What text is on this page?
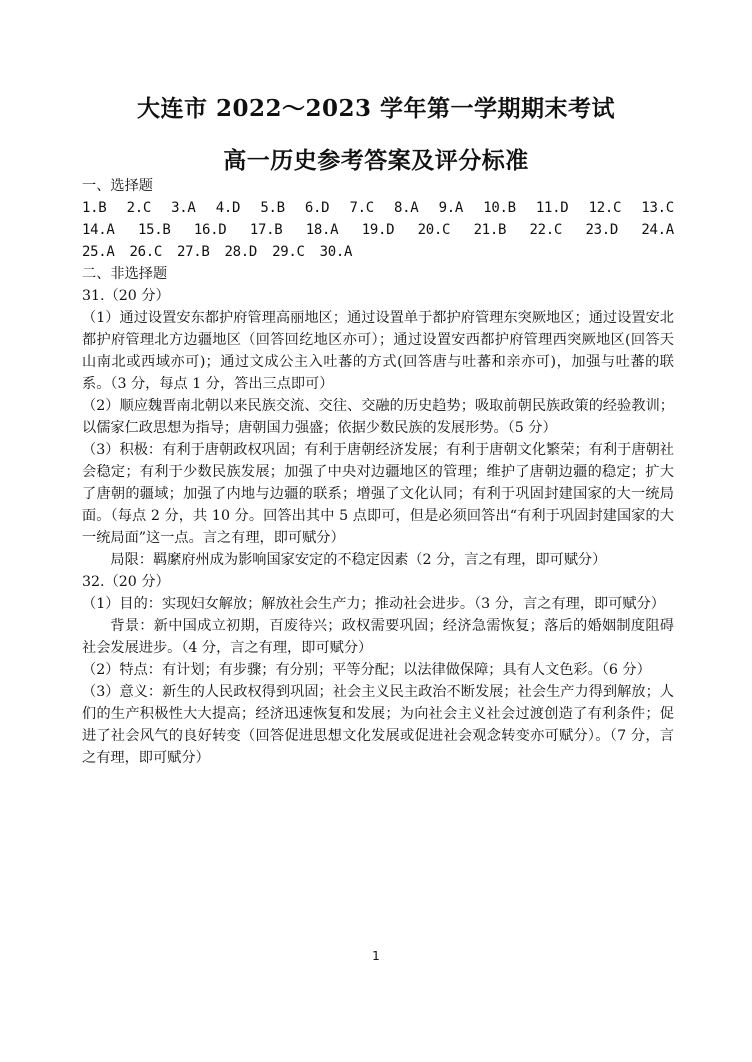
大连市 2022～2023 学年第一学期期末考试
高一历史参考答案及评分标准
一、选择题
1.B 2.C 3.A 4.D 5.B 6.D 7.C 8.A 9.A 10.B 11.D 12.C 13.C
14.A 15.B 16.D 17.B 18.A 19.D 20.C 21.B 22.C 23.D 24.A
25.A 26.C 27.B 28.D 29.C 30.A
二、非选择题
31.（20 分）
（1）通过设置安东都护府管理高丽地区；通过设置单于都护府管理东突厥地区；通过设置安北都护府管理北方边疆地区（回答回纥地区亦可）；通过设置安西都护府管理西突厥地区(回答天山南北或西域亦可)；通过文成公主入吐蕃的方式(回答唐与吐蕃和亲亦可)，加强与吐蕃的联系。（3 分，每点 1 分，答出三点即可）
（2）顺应魏晋南北朝以来民族交流、交往、交融的历史趋势；吸取前朝民族政策的经验教训；以儒家仁政思想为指导；唐朝国力强盛；依据少数民族的发展形势。（5 分）
（3）积极：有利于唐朝政权巩固；有利于唐朝经济发展；有利于唐朝文化繁荣；有利于唐朝社会稳定；有利于少数民族发展；加强了中央对边疆地区的管理；维护了唐朝边疆的稳定；扩大了唐朝的疆域；加强了内地与边疆的联系；增强了文化认同；有利于巩固封建国家的大一统局面。（每点 2 分，共 10 分。回答出其中 5 点即可，但是必须回答出“有利于巩固封建国家的大一统局面”这一点。言之有理，即可赋分）
局限：羁縻府州成为影响国家安定的不稳定因素（2 分，言之有理，即可赋分）
32.（20 分）
（1）目的：实现妇女解放；解放社会生产力；推动社会进步。（3 分，言之有理，即可赋分）
背景：新中国成立初期，百废待兴；政权需要巩固；经济急需恢复；落后的婚姻制度阻碍社会发展进步。（4 分，言之有理，即可赋分）
（2）特点：有计划；有步骤；有分别；平等分配；以法律做保障；具有人文色彩。（6 分）
（3）意义：新生的人民政权得到巩固；社会主义民主政治不断发展；社会生产力得到解放；人们的生产积极性大大提高；经济迅速恢复和发展；为向社会主义社会过渡创造了有利条件；促进了社会风气的良好转变（回答促进思想文化发展或促进社会观念转变亦可赋分）。（7 分，言之有理，即可赋分）
1
